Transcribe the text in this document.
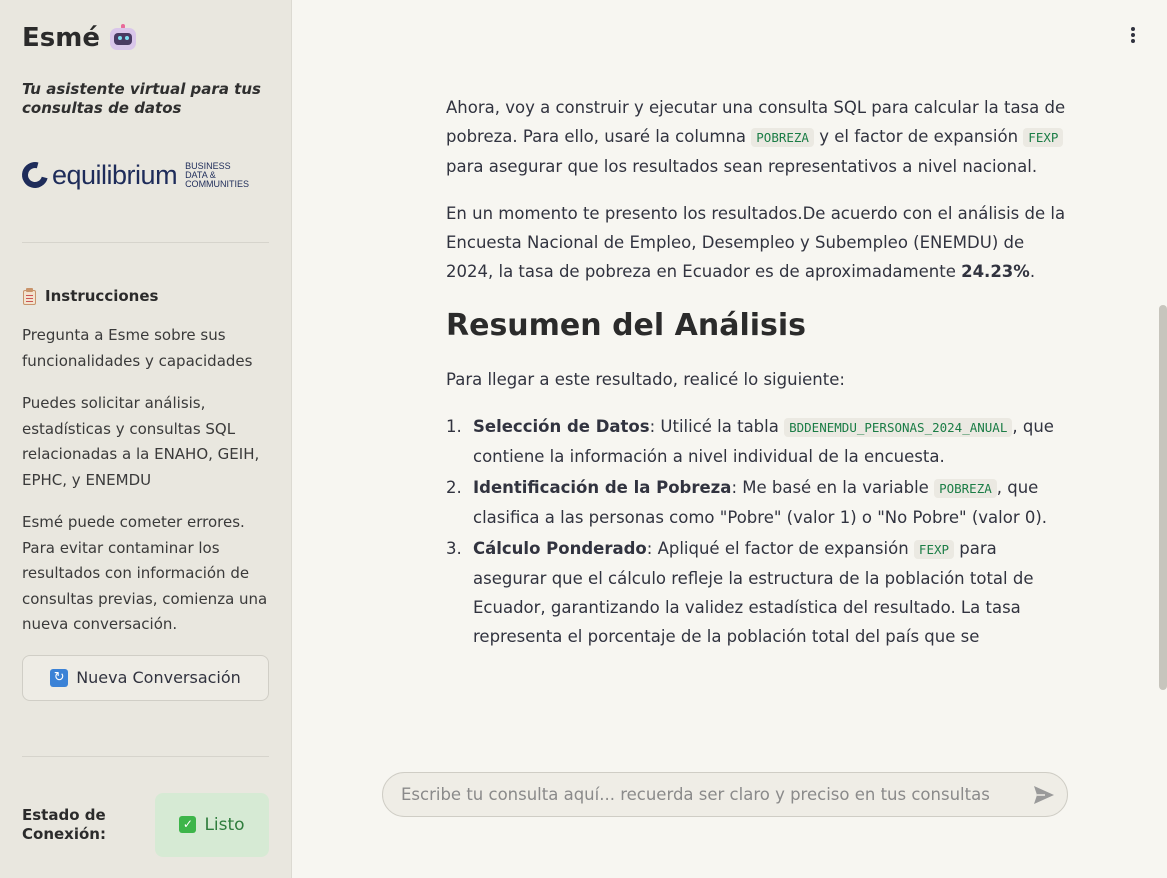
Esmé
Tu asistente virtual para tus consultas de datos
equilibrium BUSINESS
DATA &
COMMUNITIES
Instrucciones

Pregunta a Esme sobre sus funcionalidades y capacidades

Puedes solicitar análisis, estadísticas y consultas SQL relacionadas a la ENAHO, GEIH, EPHC, y ENEMDU

Esmé puede cometer errores. Para evitar contaminar los resultados con información de consultas previas, comienza una nueva conversación.

↻ Nueva Conversación
Estado de Conexión:
✓ Listo

Ahora, voy a construir y ejecutar una consulta SQL para calcular la tasa de pobreza. Para ello, usaré la columna POBREZA y el factor de expansión FEXP para asegurar que los resultados sean representativos a nivel nacional.

En un momento te presento los resultados.De acuerdo con el análisis de la Encuesta Nacional de Empleo, Desempleo y Subempleo (ENEMDU) de 2024, la tasa de pobreza en Ecuador es de aproximadamente 24.23%.

Resumen del Análisis

Para llegar a este resultado, realicé lo siguiente:

1. Selección de Datos: Utilicé la tabla BDDENEMDU_PERSONAS_2024_ANUAL , que contiene la información a nivel individual de la encuesta.
2. Identificación de la Pobreza: Me basé en la variable POBREZA , que clasifica a las personas como "Pobre" (valor 1) o "No Pobre" (valor 0).
3. Cálculo Ponderado: Apliqué el factor de expansión FEXP para asegurar que el cálculo refleje la estructura de la población total de Ecuador, garantizando la validez estadística del resultado. La tasa representa el porcentaje de la población total del país que se
Escribe tu consulta aquí... recuerda ser claro y preciso en tus consultas
